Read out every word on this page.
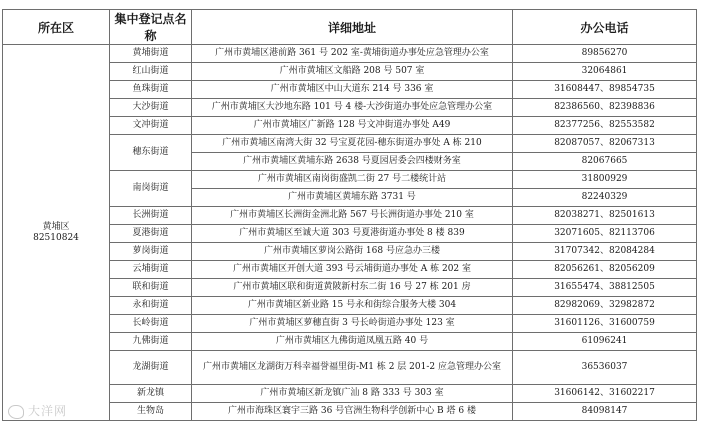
所在区	集中登记点名称	详细地址	办公电话

黄埔区
82510824	黄埔街道	广州市黄埔区港前路 361 号 202 室-黄埔街道办事处应急管理办公室	89856270
	红山街道	广州市黄埔区文船路 208 号 507 室	32064861
	鱼珠街道	广州市黄埔区中山大道东 214 号 336 室	31608447、89854735
	大沙街道	广州市黄埔区大沙地东路 101 号 4 楼-大沙街道办事处应急管理办公室	82386560、82398836
	文冲街道	广州市黄埔区广新路 128 号文冲街道办事处 A49	82377256、82553582
	穗东街道	广州市黄埔区南湾大街 32 号宝夏花园-穗东街道办事处 A 栋 210	82087057、82067313
		广州市黄埔区黄埔东路 2638 号夏园居委会四楼财务室	82067665
	南岗街道	广州市黄埔区南岗街盛凯二街 27 号二楼统计站	31800929
		广州市黄埔区黄埔东路 3731 号	82240329
	长洲街道	广州市黄埔区长洲街金洲北路 567 号长洲街道办事处 210 室	82038271、82501613
	夏港街道	广州市黄埔区至诚大道 303 号夏港街道办事处 8 楼 839	32071605、82113706
	萝岗街道	广州市黄埔区萝岗公路街 168 号应急办三楼	31707342、82084284
	云埔街道	广州市黄埔区开创大道 393 号云埔街道办事处 A 栋 202 室	82056261、82056209
	联和街道	广州市黄埔区联和街道黄陂新村东二街 16 号 27 栋 201 房	31655474、38812505
	永和街道	广州市黄埔区新业路 15 号永和街综合服务大楼 304	82982069、32982872
	长岭街道	广州市黄埔区萝穗直街 3 号长岭街道办事处 123 室	31601126、31600759
	九佛街道	广州市黄埔区九佛街道凤凰五路 40 号	61096241
	龙湖街道	广州市黄埔区龙湖街万科幸福誉福里街-M1 栋 2 层 201-2 应急管理办公室	36536037
	新龙镇	广州市黄埔区新龙镇广汕 8 路 333 号 303 室	31606142、31602217
	生物岛	广州市海珠区寰宇三路 36 号官洲生物科学创新中心 B 塔 6 楼	84098147
大洋网
